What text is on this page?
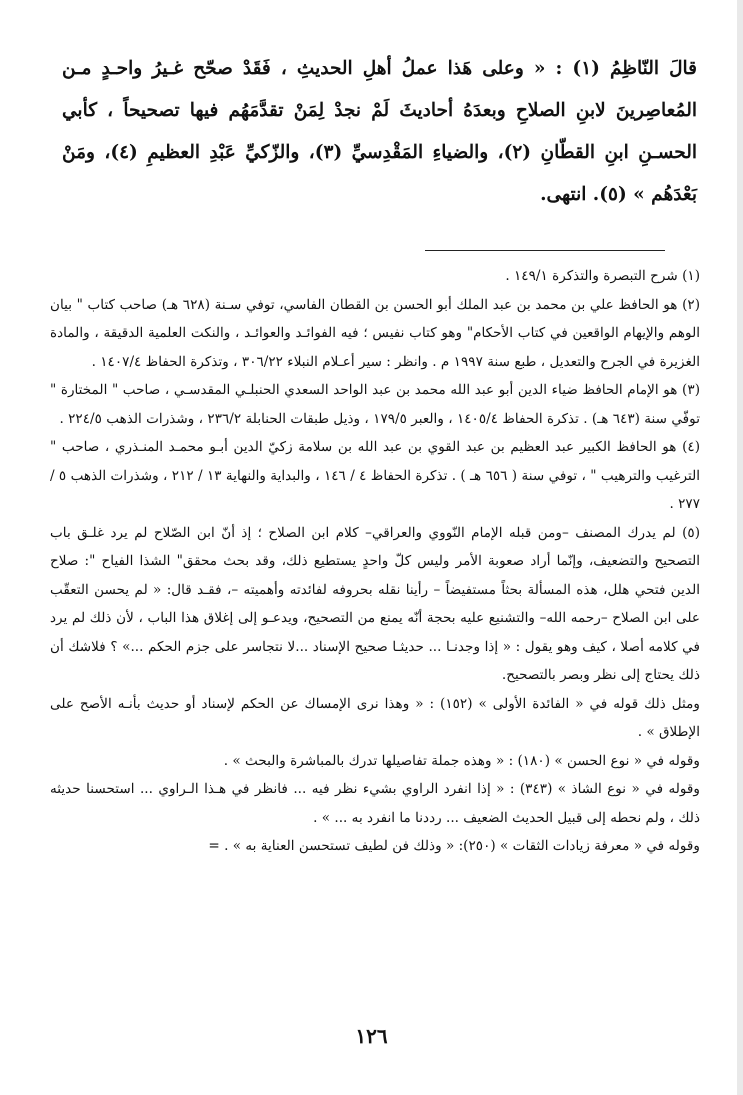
قالَ النّاظِمُ (١) : « وعلى هَذا عملُ أهلِ الحديثِ ، فَقَدْ صحّح غـيرُ واحـدٍ مـن المُعاصِرينَ لابنِ الصلاحِ وبعدَهُ أحاديثَ لَمْ نجدْ لِمَنْ تقدَّمَهُم فيها تصحيحاً ، كأبي الحسـنِ ابنِ القطّانِ (٢)، والضياءِ المَقْدِسيِّ (٣)، والزّكيِّ عَبْدِ العظيمِ (٤)، ومَنْ بَعْدَهُم » (٥). انتهى.

(١) شرح التبصرة والتذكرة ١٤٩/١ .

(٢) هو الحافظ علي بن محمد بن عبد الملك أبو الحسن بن القطان الفاسي، توفي سـنة (٦٢٨ هـ) صاحب كتاب " بيان الوهم والإيهام الواقعين في كتاب الأحكام" وهو كتاب نفيس ؛ فيه الفوائـد والعوائـد ، والنكت العلمية الدقيقة ، والمادة الغزيرة في الجرح والتعديل ، طبع سنة ١٩٩٧ م . وانظر : سير أعـلام النبلاء ٣٠٦/٢٢ ، وتذكرة الحفاظ ١٤٠٧/٤ .

(٣) هو الإمام الحافظ ضياء الدين أبو عبد الله محمد بن عبد الواحد السعدي الحنبلـي المقدسـي ، صاحب " المختارة " توفّي سنة (٦٤٣ هـ) . تذكرة الحفاظ ١٤٠٥/٤ ، والعبر ١٧٩/٥ ، وذيل طبقات الحنابلة ٢٣٦/٢ ، وشذرات الذهب ٢٢٤/٥ .

(٤) هو الحافظ الكبير عبد العظيم بن عبد القوي بن عبد الله بن سلامة زكيّ الدين أبـو محمـد المنـذري ، صاحب " الترغيب والترهيب " ، توفي سنة ( ٦٥٦ هـ ) . تذكرة الحفاظ ٤ / ١٤٦ ، والبداية والنهاية ١٣ / ٢١٢ ، وشذرات الذهب ٥ / ٢٧٧ .

(٥) لم يدرك المصنف –ومن قبله الإمام النّووي والعراقي– كلام ابن الصلاح ؛ إذ أنّ ابن الصّلاح لم يرد غلـق باب التصحيح والتضعيف، وإنّما أراد صعوبة الأمر وليس كلّ واحدٍ يستطيع ذلك، وقد بحث محقق" الشذا الفياح ": صلاح الدين فتحي هلل، هذه المسألة بحثاً مستفيضاً – رأينا نقله بحروفه لفائدته وأهميته –، فقـد قال: « لم يحسن التعقّب على ابن الصلاح –رحمه الله– والتشنيع عليه بحجة أنّه يمنع من التصحيح، ويدعـو إلى إغلاق هذا الباب ، لأن ذلك لم يرد في كلامه أصلا ، كيف وهو يقول : « إذا وجدنـا ... حديثـا صحيح الإسناد ...لا نتجاسر على جزم الحكم ...» ؟ فلاشك أن ذلك يحتاج إلى نظر وبصر بالتصحيح.

ومثل ذلك قوله في « الفائدة الأولى » (١٥٢) : « وهذا نرى الإمساك عن الحكم لإسناد أو حديث بأنـه الأصح على الإطلاق » .

وقوله في « نوع الحسن » (١٨٠) : « وهذه جملة تفاصيلها تدرك بالمباشرة والبحث » .

وقوله في « نوع الشاذ » (٣٤٣) : « إذا انفرد الراوي بشيء نظر فيه ... فانظر في هـذا الـراوي ... استحسنا حديثه ذلك ، ولم نحطه إلى قبيل الحديث الضعيف ... رددنا ما انفرد به ... » .

وقوله في « معرفة زيادات الثقات » (٢٥٠): « وذلك فن لطيف تستحسن العناية به » . =

١٢٦
